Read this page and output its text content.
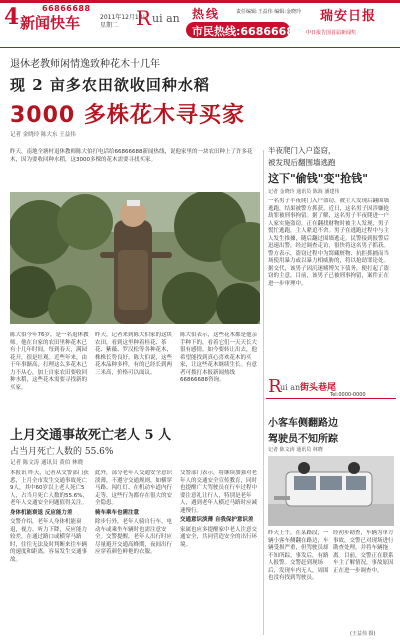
4	66866688
新闻快车	2011年12月13日
星期二 R ui an 热线
市民热线:66866688
责任编辑:王益伟 编辑:金晓玲 瑞安日报
中日报告国首届新闻奖
退休老教师闲情逸致种花木十几年
现 2 亩多农田欲收回种水稻
3000 多株花木寻买家
记者 金晓玲 陈大东 王益伟
昨天，南地全塘村退休教师陈大伯打电话给66866688新闻热线，说他家里的一块农田种上了许多花木，因为要收回种水稻，这3000多棵的花木需要寻找买家。
陈大伯今年76岁，是一名退休教师。他在自家的农田里种花木已有十几年时间，每到春天，满园花开，很是壮观。近些年来，由于年事渐高，打理这么多花木已力不从心，加上自家农田要收回种水稻，这些花木需要寻找新的买家。
昨天，记者来到陈大伯家的这块农田，看到这里种着桂花、茶花、紫薇、罗汉松等各种花木，株株长势良好。陈大伯说，这些花木品种多样，有的已经长到两三米高，价格可以面议。
陈大伯表示，这些花木都是他亲手种下的，看着它们一天天长大很有感情。如今要转让出去，他希望能找到真心喜欢花木的买家，让这些花木继续生长。有意者可拨打本报新闻热线66866688咨询。
上月交通事故死亡老人 5 人
占当月死亡人数的 55.6%
记者 陈文涛 通讯员 黄伯 林晓
本报讯 昨天，记者从交警部门获悉，上月全市发生交通事故死亡9人，其中60岁以上老人死亡5人，占当月死亡人数的55.6%，老年人交通安全问题值得关注。
身体机能衰退 反应能力差
交警介绍，老年人身体机能衰退，视力、听力下降，反应能力较差，在通过路口或横穿马路时，往往无法及时判断来往车辆的速度和距离，容易发生交通事故。
此外，部分老年人交通安全意识淡薄，不遵守交通规则，如横穿马路、闯红灯、在机动车道内行走等，这些行为都存在很大的安全隐患。
骑车乘车也需注意
除步行外，老年人骑自行车、电动车或乘坐车辆时也需注意安全。交警提醒，老年人出行时应尽量避开交通高峰期，夜间出行应穿着颜色鲜艳的衣服。
交警部门表示，将继续加强对老年人的交通安全宣传教育，同时也提醒广大驾驶员在行车过程中要注意礼让行人，特别是老年人，遇到老年人横过马路时应减速慢行。
交通意识淡薄 自我保护意识差
家属也应多提醒家中老人注意交通安全，共同营造安全的出行环境。
半夜爬门入户盗窃，
被发现后翻围墙逃跑
这下"偷钱"变"抢钱"
记者 金晓玲 通讯员 陈海 潘建伟
一名男子半夜爬门入户盗窃，被主人发现后翻围墙逃跑，结果被警方抓获。近日，这名男子因涉嫌抢劫罪被刑事拘留。据了解，这名男子半夜爬进一户人家实施盗窃，正在翻找财物时被主人发现，男子慌忙逃跑，主人紧追不舍。男子在逃跑过程中与主人发生推搡，随后翻过围墙逃走。民警接到报警后迅速出警，经过调查走访，很快将这名男子抓获。警方表示，盗窃过程中为窝藏赃物、抗拒抓捕而当场使用暴力或以暴力相威胁的，将以抢劫罪论处。据交代，该男子因沉迷赌博欠下债务，便打起了盗窃的主意。目前，该男子已被刑事拘留，案件正在进一步审理中。
R
ui an 街头巷尾
Tel:0000-0000
小客车侧翻路边
驾驶员不知所踪
记者 陈文涛 通讯员 林晓
昨天上午，在某路段，一辆小客车侧翻在路边，车辆受损严重，但驾驶员却不知所踪。事发后，有路人报警。交警赶到现场后，发现车内无人，周围也没有找到驾驶员。
经初步勘查，车辆为单方事故，交警已对现场进行勘查处理，并将车辆拖离。目前，交警正在联系车主了解情况，事故原因正在进一步调查中。
(王益伟 摄)
